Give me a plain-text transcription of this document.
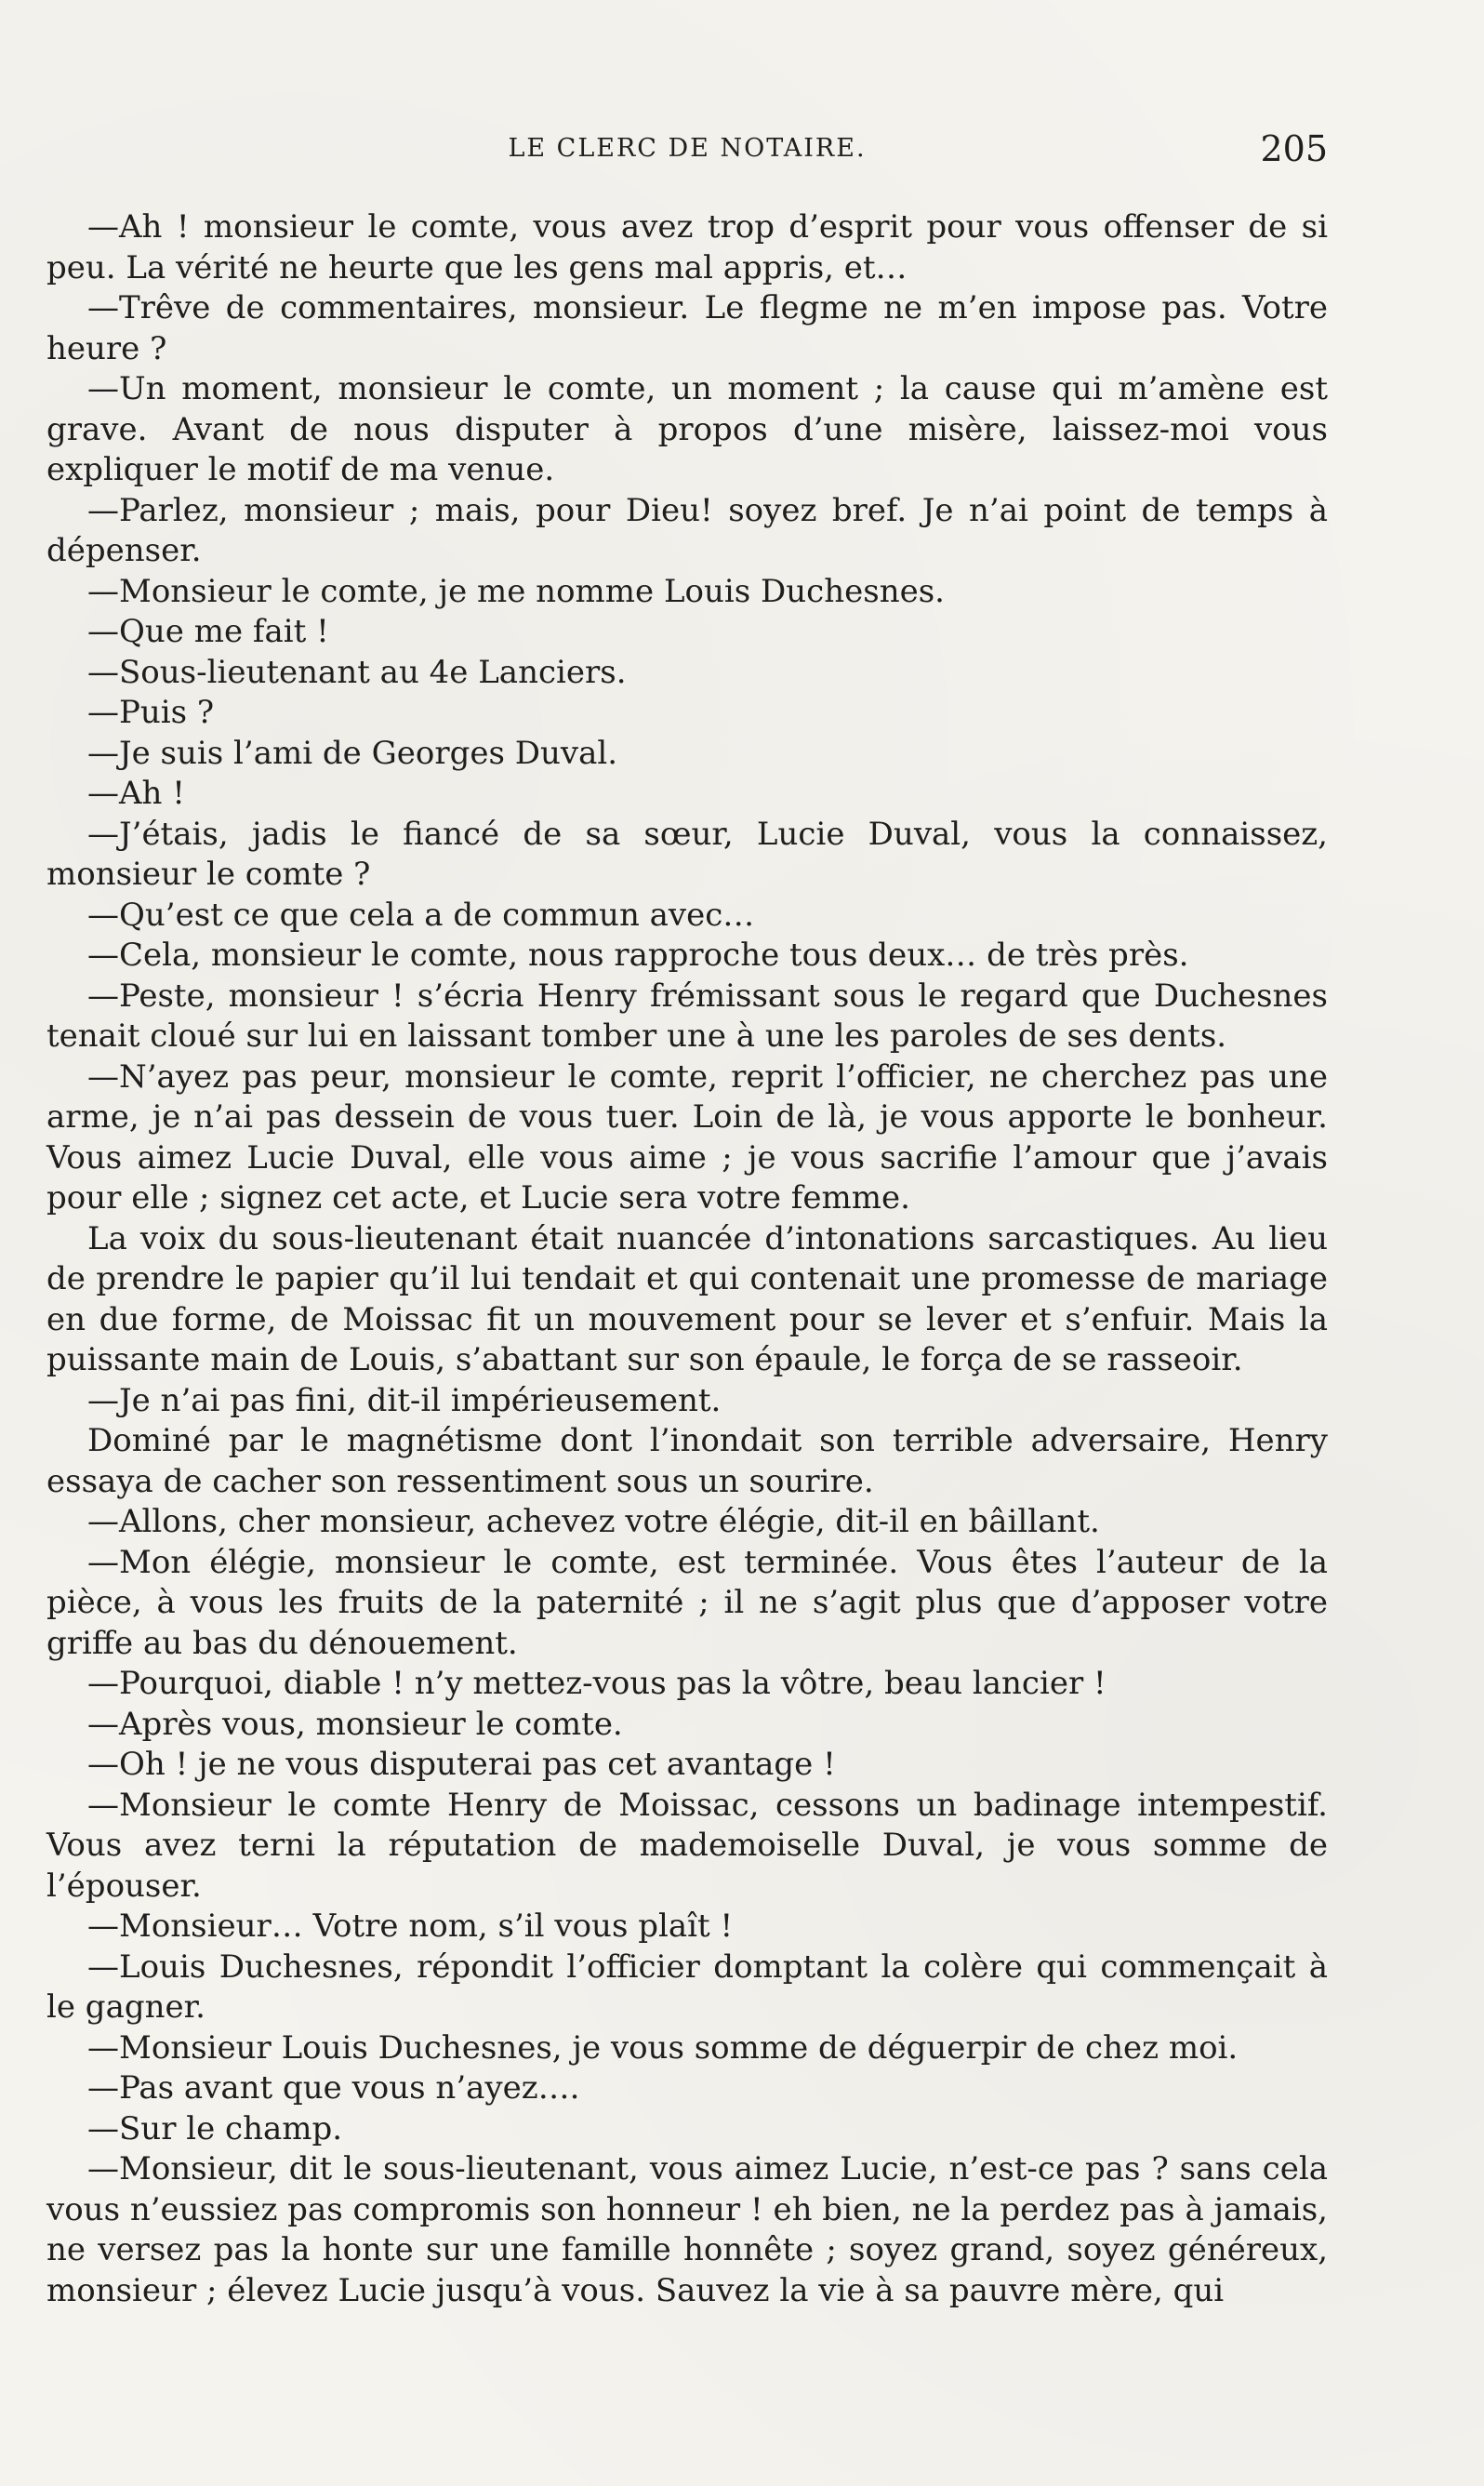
LE CLERC DE NOTAIRE.	205

—Ah ! monsieur le comte, vous avez trop d’esprit pour vous offenser de si peu. La vérité ne heurte que les gens mal appris, et…

—Trêve de commentaires, monsieur. Le flegme ne m’en impose pas. Votre heure ?

—Un moment, monsieur le comte, un moment ; la cause qui m’amène est grave. Avant de nous disputer à propos d’une misère, laissez-moi vous expliquer le motif de ma venue.

—Parlez, monsieur ; mais, pour Dieu! soyez bref. Je n’ai point de temps à dépenser.

—Monsieur le comte, je me nomme Louis Duchesnes.

—Que me fait !

—Sous-lieutenant au 4e Lanciers.

—Puis ?

—Je suis l’ami de Georges Duval.

—Ah !

—J’étais, jadis le fiancé de sa sœur, Lucie Duval, vous la connaissez, monsieur le comte ?

—Qu’est ce que cela a de commun avec…

—Cela, monsieur le comte, nous rapproche tous deux… de très près.

—Peste, monsieur ! s’écria Henry frémissant sous le regard que Duchesnes tenait cloué sur lui en laissant tomber une à une les paroles de ses dents.

—N’ayez pas peur, monsieur le comte, reprit l’officier, ne cherchez pas une arme, je n’ai pas dessein de vous tuer. Loin de là, je vous apporte le bonheur. Vous aimez Lucie Duval, elle vous aime ; je vous sacrifie l’amour que j’avais pour elle ; signez cet acte, et Lucie sera votre femme.

La voix du sous-lieutenant était nuancée d’intonations sarcastiques. Au lieu de prendre le papier qu’il lui tendait et qui contenait une promesse de mariage en due forme, de Moissac fit un mouvement pour se lever et s’enfuir. Mais la puissante main de Louis, s’abattant sur son épaule, le força de se rasseoir.

—Je n’ai pas fini, dit-il impérieusement.

Dominé par le magnétisme dont l’inondait son terrible adversaire, Henry essaya de cacher son ressentiment sous un sourire.

—Allons, cher monsieur, achevez votre élégie, dit-il en bâillant.

—Mon élégie, monsieur le comte, est terminée. Vous êtes l’auteur de la pièce, à vous les fruits de la paternité ; il ne s’agit plus que d’apposer votre griffe au bas du dénouement.

—Pourquoi, diable ! n’y mettez-vous pas la vôtre, beau lancier !

—Après vous, monsieur le comte.

—Oh ! je ne vous disputerai pas cet avantage !

—Monsieur le comte Henry de Moissac, cessons un badinage intempestif. Vous avez terni la réputation de mademoiselle Duval, je vous somme de l’épouser.

—Monsieur… Votre nom, s’il vous plaît !

—Louis Duchesnes, répondit l’officier domptant la colère qui commençait à le gagner.

—Monsieur Louis Duchesnes, je vous somme de déguerpir de chez moi.

—Pas avant que vous n’ayez….

—Sur le champ.

—Monsieur, dit le sous-lieutenant, vous aimez Lucie, n’est-ce pas ? sans cela vous n’eussiez pas compromis son honneur ! eh bien, ne la perdez pas à jamais, ne versez pas la honte sur une famille honnête ; soyez grand, soyez généreux, monsieur ; élevez Lucie jusqu’à vous. Sauvez la vie à sa pauvre mère, qui
